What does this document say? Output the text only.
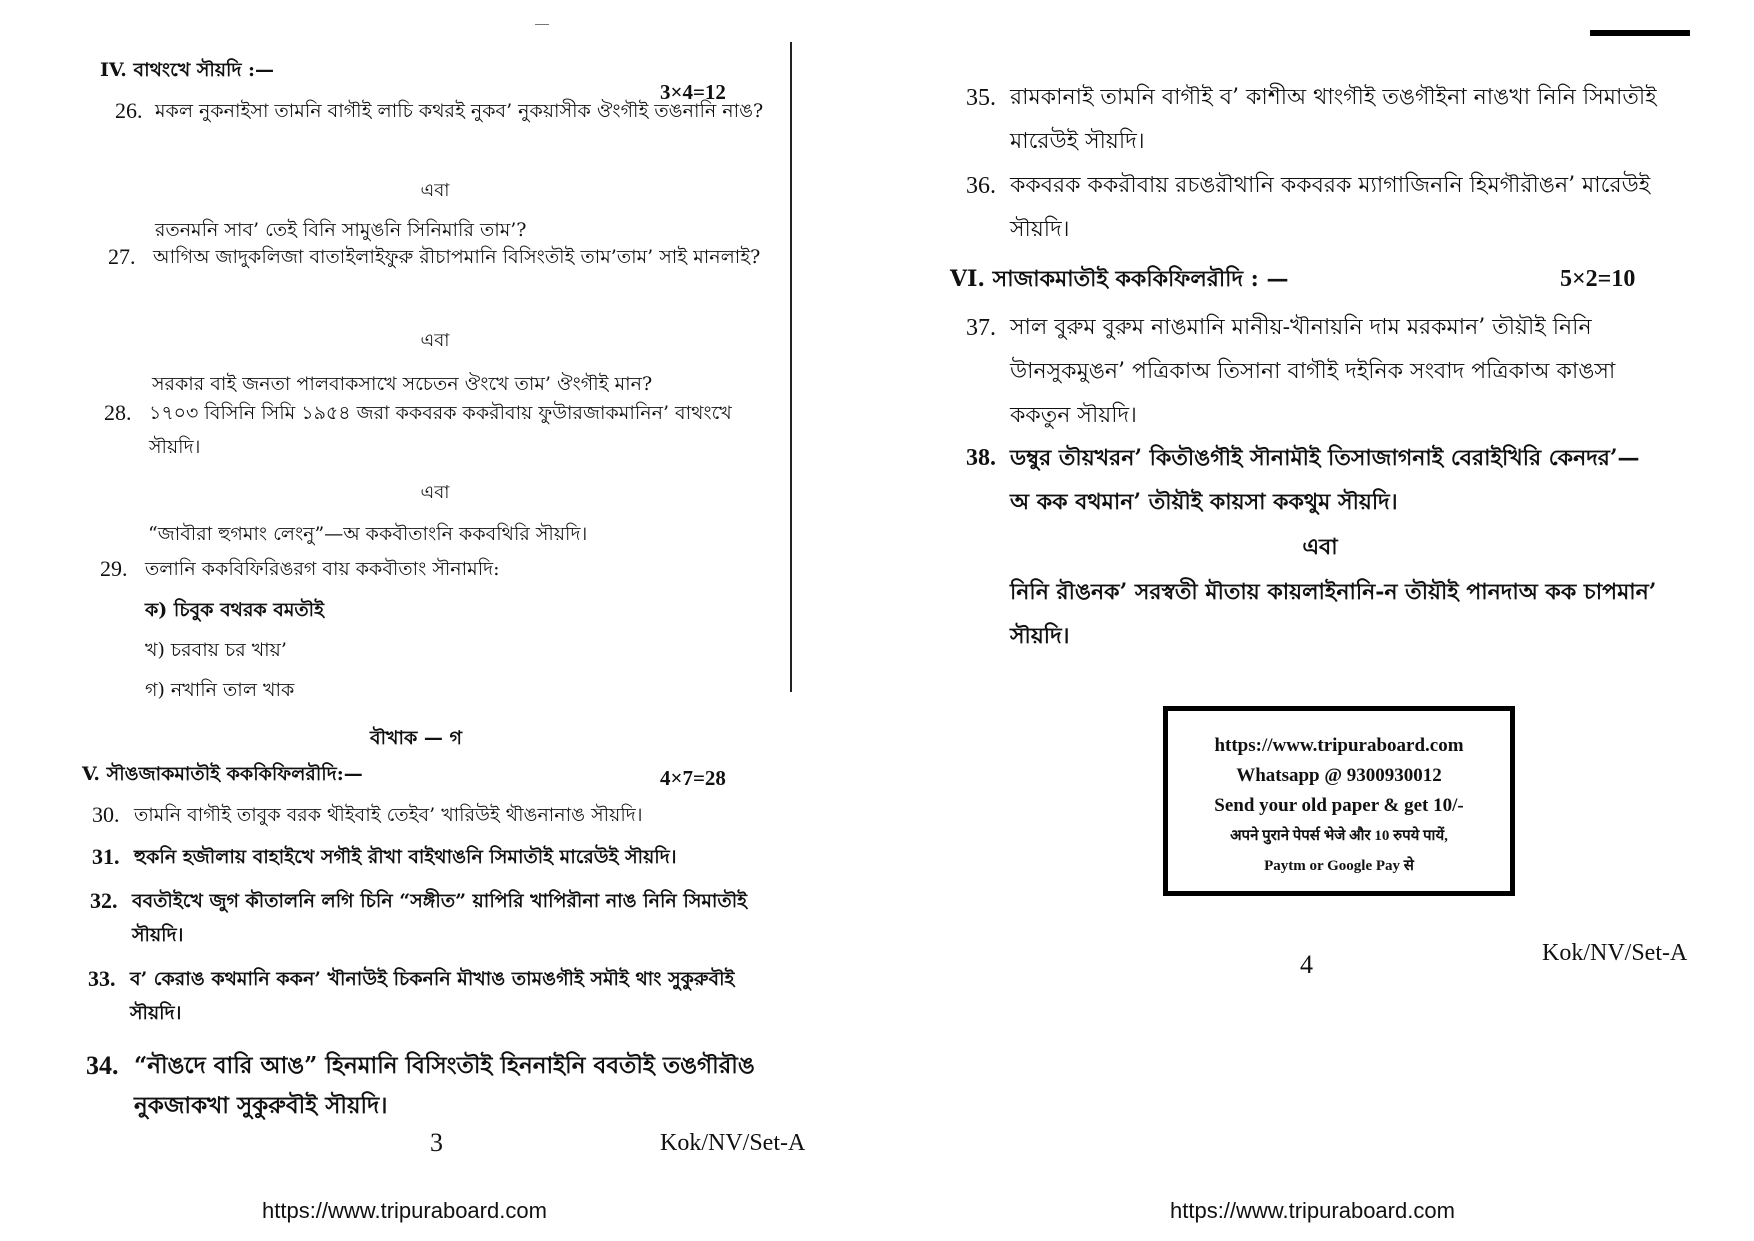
IV. বাথংখে সৗয়দি :—
3×4=12
26. মকল নুকনাইসা তামনি বাগৗই লাচি কথরই নুকব’ নুকয়াসীক ঔংগৗই তঙনানি নাঙ?
এবা
রতনমনি সাব’ তেই বিনি সামুঙনি সিনিমারি তাম’?
27. আগিঅ জাদুকলিজা বাতাইলাইফুরু রৗচাপমানি বিসিংতৗই তাম’তাম’ সাই মানলাই?
এবা
সরকার বাই জনতা পালবাকসাখে সচেতন ঔংখে তাম’ ঔংগৗই মান?
28. ১৭০৩ বিসিনি সিমি ১৯৫৪ জরা ককবরক ককরৗবায় ফুউারজাকমানিন’ বাথংখে সৗয়দি।
এবা
“জাবৗরা হুগমাং লেংনু”—অ ককবৗতাংনি ককবথিরি সৗয়দি।
29. তলানি ককবিফিরিঙরগ বায় ককবৗতাং সৗনামদি:
ক) চিবুক বথরক বমতৗই
খ) চরবায় চর খায়’
গ) নখানি তাল খাক
বৗখাক — গ
V. সৗঙজাকমাতৗই কককিফিলরৗদি:—	4×7=28
30. তামনি বাগৗই তাবুক বরক থৗইবাই তেইব’ খারিউই থৗঙনানাঙ সৗয়দি।
31. হুকনি হজৗলায় বাহাইখে সগৗই রৗখা বাইথাঙনি সিমাতৗই মারেউই সৗয়দি।
32. ববতৗইখে জুগ কৗতালনি লগি চিনি “সঙ্গীত” য়াপিরি খাপিরৗনা নাঙ নিনি সিমাতৗই সৗয়দি।
33. ব’ কেরাঙ কথমানি ককন’ খৗনাউই চিকননি মৗখাঙ তামঙগৗই সমৗই থাং সুকুরুবৗই সৗয়দি।
34. “নৗঙদে বারি আঙ” হিনমানি বিসিংতৗই হিননাইনি ববতৗই তঙগৗরৗঙ নুকজাকখা সুকুরুবৗই সৗয়দি।
3	Kok/NV/Set-A
https://www.tripuraboard.com
35. রামকানাই তামনি বাগৗই ব’ কাশীঅ থাংগৗই তঙগৗইনা নাঙখা নিনি সিমাতৗই মারেউই সৗয়দি।
36. ককবরক ককরৗবায় রচঙরৗথানি ককবরক ম্যাগাজিননি হিমগৗরৗঙন’ মারেউই সৗয়দি।
VI. সাজাকমাতৗই কককিফিলরৗদি : —	5×2=10
37. সাল বুরুম বুরুম নাঙমানি মানীয়-খৗনায়নি দাম মরকমান’ তৗয়ৗই নিনি উানসুকমুঙন’ পত্রিকাঅ তিসানা বাগৗই দইনিক সংবাদ পত্রিকাঅ কাঙসা ককতুন সৗয়দি।
38. ডম্বুর তৗয়খরন’ কিতৗঙগৗই সৗনামৗই তিসাজাগনাই বেরাইখিরি কেনদর’— অ কক বথমান’ তৗয়ৗই কায়সা ককথুম সৗয়দি।
এবা
নিনি রৗঙনক’ সরস্বতী মৗতায় কায়লাইনানি-ন তৗয়ৗই পানদাঅ কক চাপমান’ সৗয়দি।
4	Kok/NV/Set-A
https://www.tripuraboard.com
https://www.tripuraboard.com
Whatsapp @ 9300930012
Send your old paper & get 10/-
अपने पुराने पेपर्स भेजे और 10 रुपये पायें,
Paytm or Google Pay से
